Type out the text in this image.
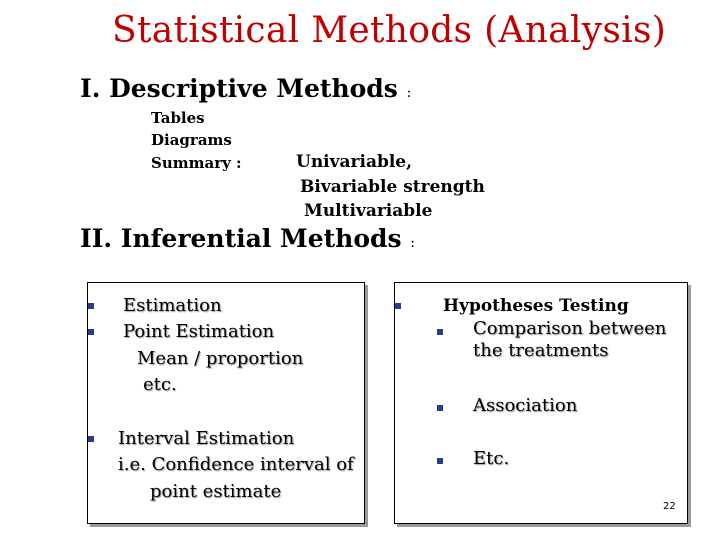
Statistical Methods (Analysis)
I. Descriptive Methods :
Tables
Diagrams
Summary :	Univariable,
Bivariable strength
Multivariable
II. Inferential Methods :
Estimation
Point Estimation
Mean / proportion
etc.
Interval Estimation
i.e. Confidence interval of
point estimate
Hypotheses Testing
Comparison between
the treatments
Association
Etc.
22
